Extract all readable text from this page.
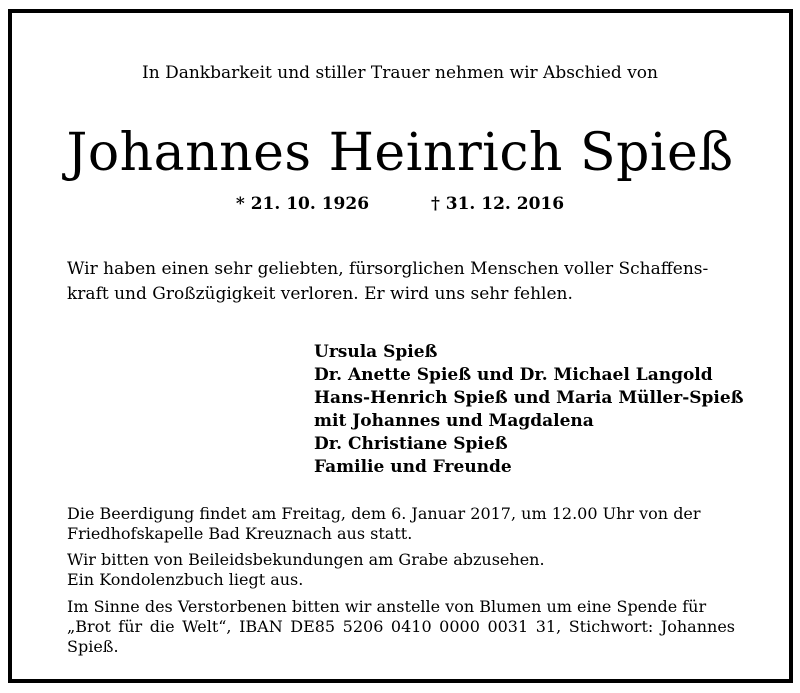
In Dankbarkeit und stiller Trauer nehmen wir Abschied von
Johannes Heinrich Spieß
* 21. 10. 1926	† 31. 12. 2016
Wir haben einen sehr geliebten, fürsorglichen Menschen voller Schaffens-
kraft und Großzügigkeit verloren. Er wird uns sehr fehlen.
Ursula Spieß
Dr. Anette Spieß und Dr. Michael Langold
Hans-Henrich Spieß und Maria Müller-Spieß
mit Johannes und Magdalena
Dr. Christiane Spieß
Familie und Freunde
Die Beerdigung findet am Freitag, dem 6. Januar 2017, um 12.00 Uhr von der
Friedhofskapelle Bad Kreuznach aus statt.
Wir bitten von Beileidsbekundungen am Grabe abzusehen.
Ein Kondolenzbuch liegt aus.
Im Sinne des Verstorbenen bitten wir anstelle von Blumen um eine Spende für
„Brot für die Welt“, IBAN DE85 5206 0410 0000 0031 31, Stichwort: Johannes Spieß.
